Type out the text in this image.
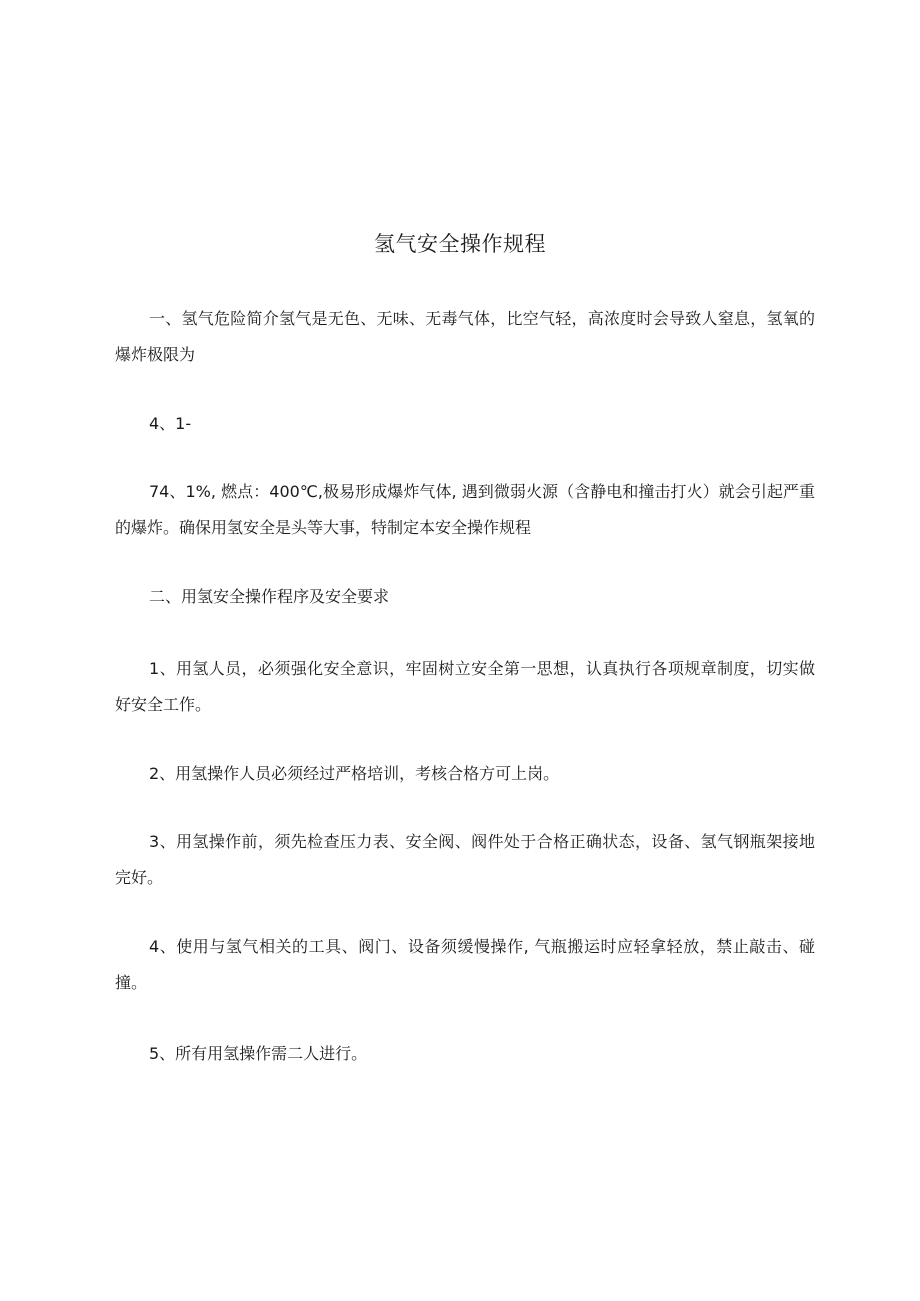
氢气安全操作规程

一、氢气危险简介氢气是无色、无味、无毒气体，比空气轻，高浓度时会导致人窒息，氢氧的爆炸极限为

4、1-

74、1%, 燃点：400℃,极易形成爆炸气体, 遇到微弱火源（含静电和撞击打火）就会引起严重的爆炸。确保用氢安全是头等大事，特制定本安全操作规程

二、用氢安全操作程序及安全要求

1、用氢人员，必须强化安全意识，牢固树立安全第一思想，认真执行各项规章制度，切实做好安全工作。

2、用氢操作人员必须经过严格培训，考核合格方可上岗。

3、用氢操作前，须先检查压力表、安全阀、阀件处于合格正确状态，设备、氢气钢瓶架接地完好。

4、使用与氢气相关的工具、阀门、设备须缓慢操作, 气瓶搬运时应轻拿轻放，禁止敲击、碰撞。

5、所有用氢操作需二人进行。
